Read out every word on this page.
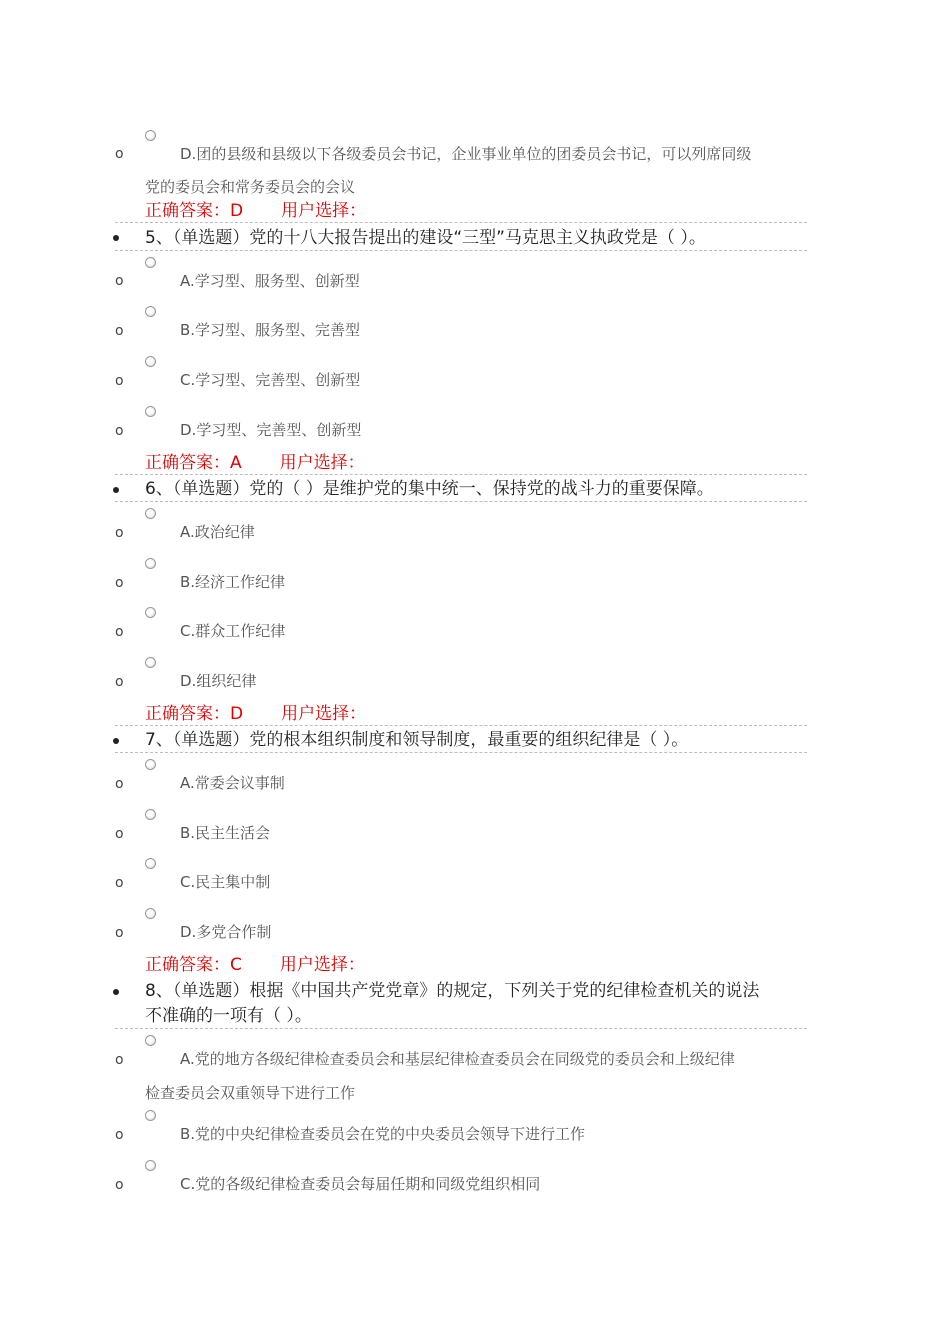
o	D.团的县级和县级以下各级委员会书记，企业事业单位的团委员会书记，可以列席同级
党的委员会和常务委员会的会议
正确答案：D 用户选择：
5、（单选题）党的十八大报告提出的建设“三型”马克思主义执政党是（ ）。
o	A.学习型、服务型、创新型
o	B.学习型、服务型、完善型
o	C.学习型、完善型、创新型
o	D.学习型、完善型、创新型
正确答案：A 用户选择：
6、（单选题）党的（ ）是维护党的集中统一、保持党的战斗力的重要保障。
o	A.政治纪律
o	B.经济工作纪律
o	C.群众工作纪律
o	D.组织纪律
正确答案：D 用户选择：
7、（单选题）党的根本组织制度和领导制度，最重要的组织纪律是（ ）。
o	A.常委会议事制
o	B.民主生活会
o	C.民主集中制
o	D.多党合作制
正确答案：C 用户选择：
8、（单选题）根据《中国共产党党章》的规定，下列关于党的纪律检查机关的说法
不准确的一项有（ ）。
o	A.党的地方各级纪律检查委员会和基层纪律检查委员会在同级党的委员会和上级纪律
检查委员会双重领导下进行工作
o	B.党的中央纪律检查委员会在党的中央委员会领导下进行工作
o	C.党的各级纪律检查委员会每届任期和同级党组织相同
